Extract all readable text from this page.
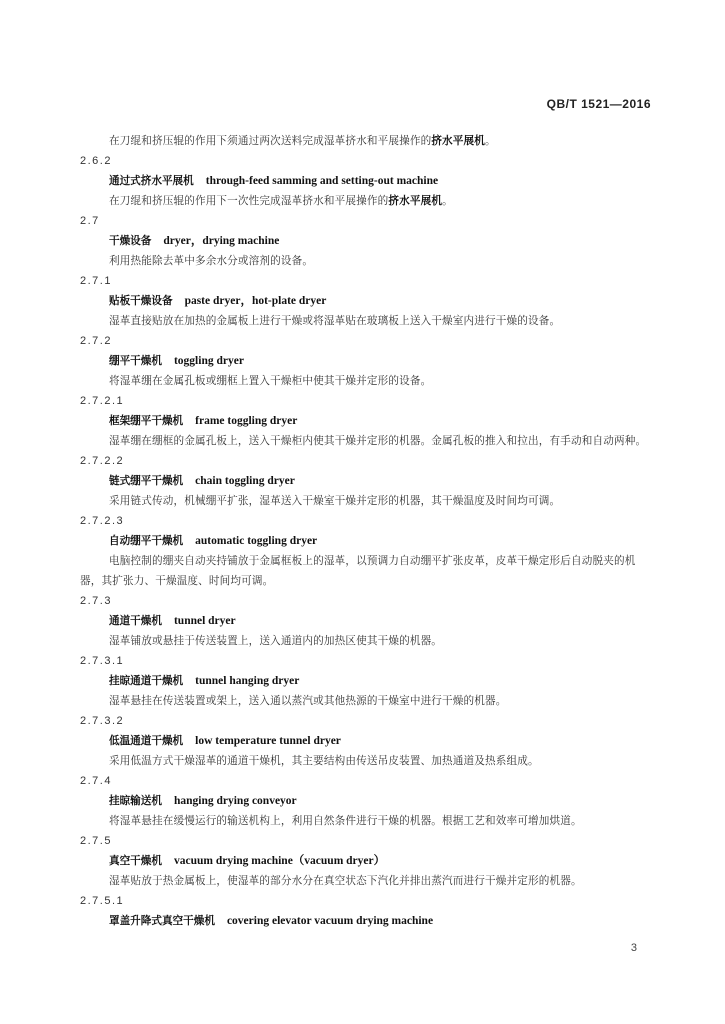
QB/T 1521—2016
在刀绲和挤压辊的作用下须通过两次送料完成湿革挤水和平展操作的挤水平展机。
2.6.2
通过式挤水平展机 through-feed samming and setting-out machine
在刀绲和挤压辊的作用下一次性完成湿革挤水和平展操作的挤水平展机。
2.7
干燥设备 dryer，drying machine
利用热能除去革中多余水分或溶剂的设备。
2.7.1
贴板干燥设备 paste dryer，hot-plate dryer
湿革直接贴放在加热的金属板上进行干燥或将湿革贴在玻璃板上送入干燥室内进行干燥的设备。
2.7.2
绷平干燥机 toggling dryer
将湿革绷在金属孔板或绷框上置入干燥柜中使其干燥并定形的设备。
2.7.2.1
框架绷平干燥机 frame toggling dryer
湿革绷在绷框的金属孔板上，送入干燥柜内使其干燥并定形的机器。金属孔板的推入和拉出，有手动和自动两种。
2.7.2.2
链式绷平干燥机 chain toggling dryer
采用链式传动，机械绷平扩张，湿革送入干燥室干燥并定形的机器，其干燥温度及时间均可调。
2.7.2.3
自动绷平干燥机 automatic toggling dryer
电脑控制的绷夹自动夹持铺放于金属框板上的湿革，以预调力自动绷平扩张皮革，皮革干燥定形后自动脱夹的机器，其扩张力、干燥温度、时间均可调。
2.7.3
通道干燥机 tunnel dryer
湿革铺放或悬挂于传送装置上，送入通道内的加热区使其干燥的机器。
2.7.3.1
挂晾通道干燥机 tunnel hanging dryer
湿革悬挂在传送装置或架上，送入通以蒸汽或其他热源的干燥室中进行干燥的机器。
2.7.3.2
低温通道干燥机 low temperature tunnel dryer
采用低温方式干燥湿革的通道干燥机，其主要结构由传送吊皮装置、加热通道及热系组成。
2.7.4
挂晾输送机 hanging drying conveyor
将湿革悬挂在缓慢运行的输送机构上，利用自然条件进行干燥的机器。根据工艺和效率可增加烘道。
2.7.5
真空干燥机 vacuum drying machine（vacuum dryer）
湿革贴放于热金属板上，使湿革的部分水分在真空状态下汽化并排出蒸汽而进行干燥并定形的机器。
2.7.5.1
罩盖升降式真空干燥机 covering elevator vacuum drying machine
3
